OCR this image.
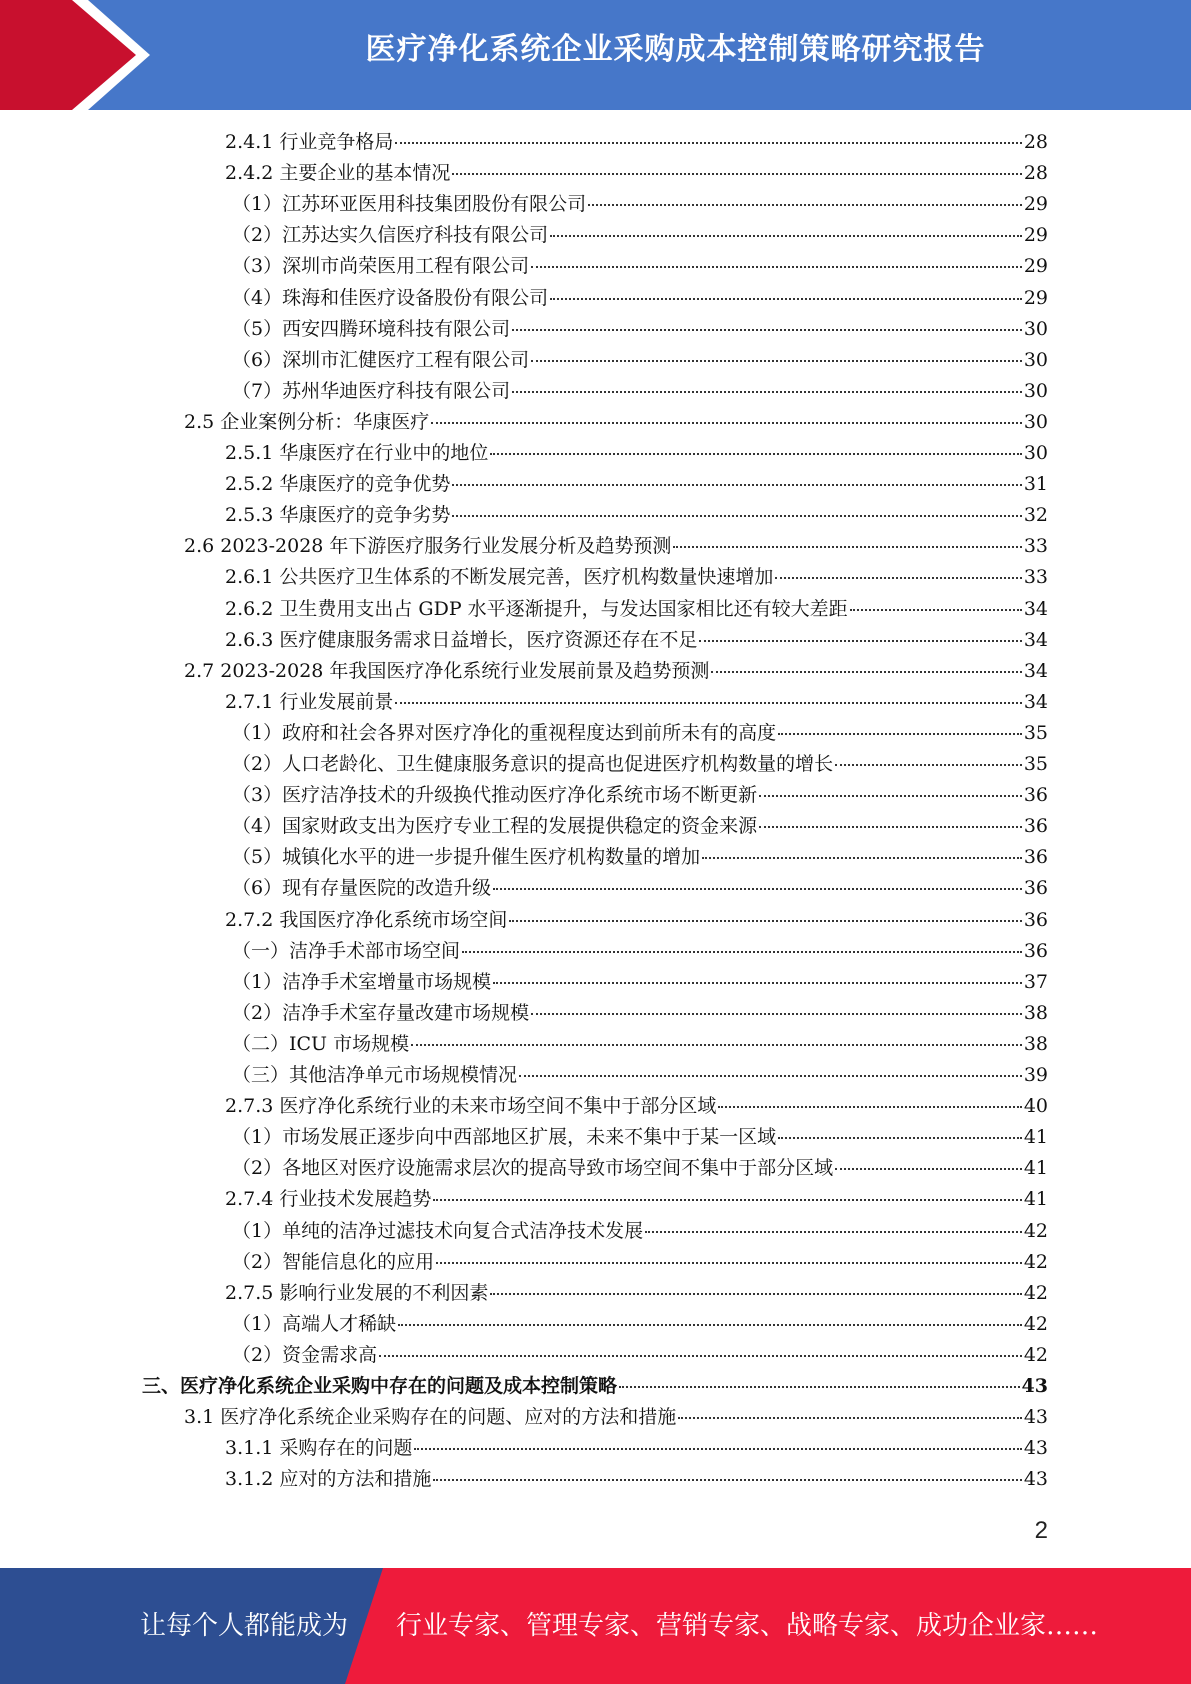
医疗净化系统企业采购成本控制策略研究报告
2.4.1 行业竞争格局	28
2.4.2 主要企业的基本情况	28
（1）江苏环亚医用科技集团股份有限公司	29
（2）江苏达实久信医疗科技有限公司	29
（3）深圳市尚荣医用工程有限公司	29
（4）珠海和佳医疗设备股份有限公司	29
（5）西安四腾环境科技有限公司	30
（6）深圳市汇健医疗工程有限公司	30
（7）苏州华迪医疗科技有限公司	30
2.5 企业案例分析：华康医疗	30
2.5.1 华康医疗在行业中的地位	30
2.5.2 华康医疗的竞争优势	31
2.5.3 华康医疗的竞争劣势	32
2.6 2023-2028 年下游医疗服务行业发展分析及趋势预测	33
2.6.1 公共医疗卫生体系的不断发展完善，医疗机构数量快速增加	33
2.6.2 卫生费用支出占 GDP 水平逐渐提升，与发达国家相比还有较大差距	34
2.6.3 医疗健康服务需求日益增长，医疗资源还存在不足	34
2.7 2023-2028 年我国医疗净化系统行业发展前景及趋势预测	34
2.7.1 行业发展前景	34
（1）政府和社会各界对医疗净化的重视程度达到前所未有的高度	35
（2）人口老龄化、卫生健康服务意识的提高也促进医疗机构数量的增长	35
（3）医疗洁净技术的升级换代推动医疗净化系统市场不断更新	36
（4）国家财政支出为医疗专业工程的发展提供稳定的资金来源	36
（5）城镇化水平的进一步提升催生医疗机构数量的增加	36
（6）现有存量医院的改造升级	36
2.7.2 我国医疗净化系统市场空间	36
（一）洁净手术部市场空间	36
（1）洁净手术室增量市场规模	37
（2）洁净手术室存量改建市场规模	38
（二）ICU 市场规模	38
（三）其他洁净单元市场规模情况	39
2.7.3 医疗净化系统行业的未来市场空间不集中于部分区域	40
（1）市场发展正逐步向中西部地区扩展，未来不集中于某一区域	41
（2）各地区对医疗设施需求层次的提高导致市场空间不集中于部分区域	41
2.7.4 行业技术发展趋势	41
（1）单纯的洁净过滤技术向复合式洁净技术发展	42
（2）智能信息化的应用	42
2.7.5 影响行业发展的不利因素	42
（1）高端人才稀缺	42
（2）资金需求高	42
三、医疗净化系统企业采购中存在的问题及成本控制策略	43
3.1 医疗净化系统企业采购存在的问题、应对的方法和措施	43
3.1.1 采购存在的问题	43
3.1.2 应对的方法和措施	43
2
让每个人都能成为 行业专家、管理专家、营销专家、战略专家、成功企业家……
